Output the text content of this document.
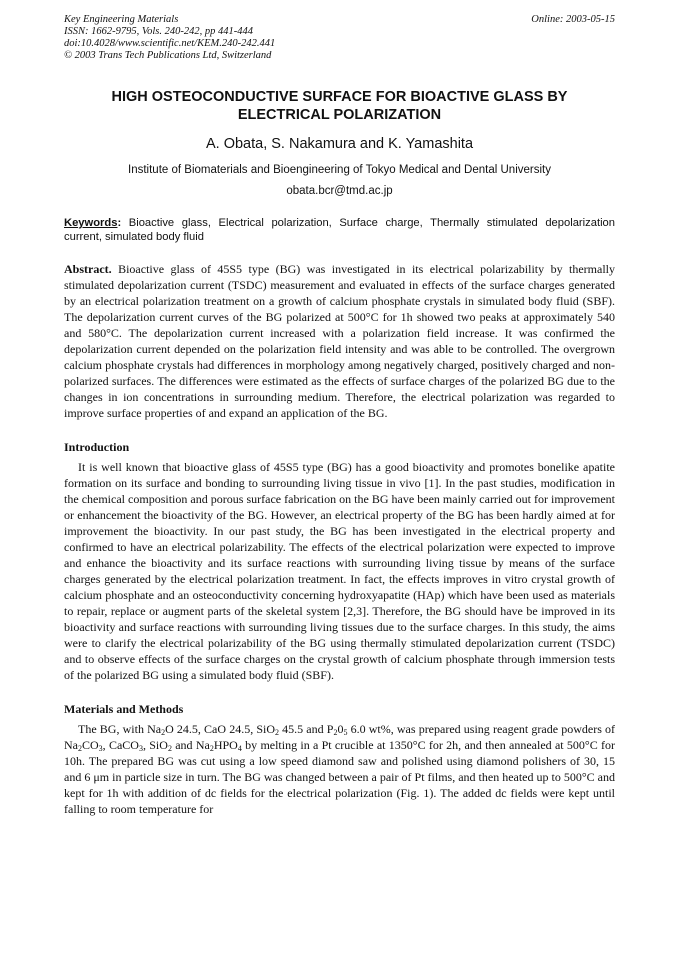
Key Engineering Materials
ISSN: 1662-9795, Vols. 240-242, pp 441-444
doi:10.4028/www.scientific.net/KEM.240-242.441
© 2003 Trans Tech Publications Ltd, Switzerland
Online: 2003-05-15
HIGH OSTEOCONDUCTIVE SURFACE FOR BIOACTIVE GLASS BY
ELECTRICAL POLARIZATION
A. Obata, S. Nakamura and K. Yamashita
Institute of Biomaterials and Bioengineering of Tokyo Medical and Dental University
obata.bcr@tmd.ac.jp
Keywords: Bioactive glass, Electrical polarization, Surface charge, Thermally stimulated depolarization current, simulated body fluid

Abstract. Bioactive glass of 45S5 type (BG) was investigated in its electrical polarizability by thermally stimulated depolarization current (TSDC) measurement and evaluated in effects of the surface charges generated by an electrical polarization treatment on a growth of calcium phosphate crystals in simulated body fluid (SBF). The depolarization current curves of the BG polarized at 500°C for 1h showed two peaks at approximately 540 and 580°C. The depolarization current increased with a polarization field increase. It was confirmed the depolarization current depended on the polarization field intensity and was able to be controlled. The overgrown calcium phosphate crystals had differences in morphology among negatively charged, positively charged and non-polarized surfaces. The differences were estimated as the effects of surface charges of the polarized BG due to the changes in ion concentrations in surrounding medium. Therefore, the electrical polarization was regarded to improve surface properties of and expand an application of the BG.

Introduction

It is well known that bioactive glass of 45S5 type (BG) has a good bioactivity and promotes bonelike apatite formation on its surface and bonding to surrounding living tissue in vivo [1]. In the past studies, modification in the chemical composition and porous surface fabrication on the BG have been mainly carried out for improvement or enhancement the bioactivity of the BG. However, an electrical property of the BG has been hardly aimed at for improvement the bioactivity. In our past study, the BG has been investigated in the electrical property and confirmed to have an electrical polarizability. The effects of the electrical polarization were expected to improve and enhance the bioactivity and its surface reactions with surrounding living tissue by means of the surface charges generated by the electrical polarization treatment. In fact, the effects improves in vitro crystal growth of calcium phosphate and an osteoconductivity concerning hydroxyapatite (HAp) which have been used as materials to repair, replace or augment parts of the skeletal system [2,3]. Therefore, the BG should have be improved in its bioactivity and surface reactions with surrounding living tissues due to the surface charges. In this study, the aims were to clarify the electrical polarizability of the BG using thermally stimulated depolarization current (TSDC) and to observe effects of the surface charges on the crystal growth of calcium phosphate through immersion tests of the polarized BG using a simulated body fluid (SBF).

Materials and Methods

The BG, with $Na_2O$ 24.5, CaO 24.5, SiO$_2$ 45.5 and $P_20_5$ 6.0 wt%, was prepared using reagent grade powders of $Na_2CO_3$, CaCO$_3$, SiO$_2$ and $Na_2HPO_4$ by melting in a Pt crucible at 1350°C for 2h, and then annealed at 500°C for 10h. The prepared BG was cut using a low speed diamond saw and polished using diamond polishers of 30, 15 and 6 μm in particle size in turn. The BG was changed between a pair of Pt films, and then heated up to 500°C and kept for 1h with addition of dc fields for the electrical polarization (Fig. 1). The added dc fields were kept until falling to room temperature for
